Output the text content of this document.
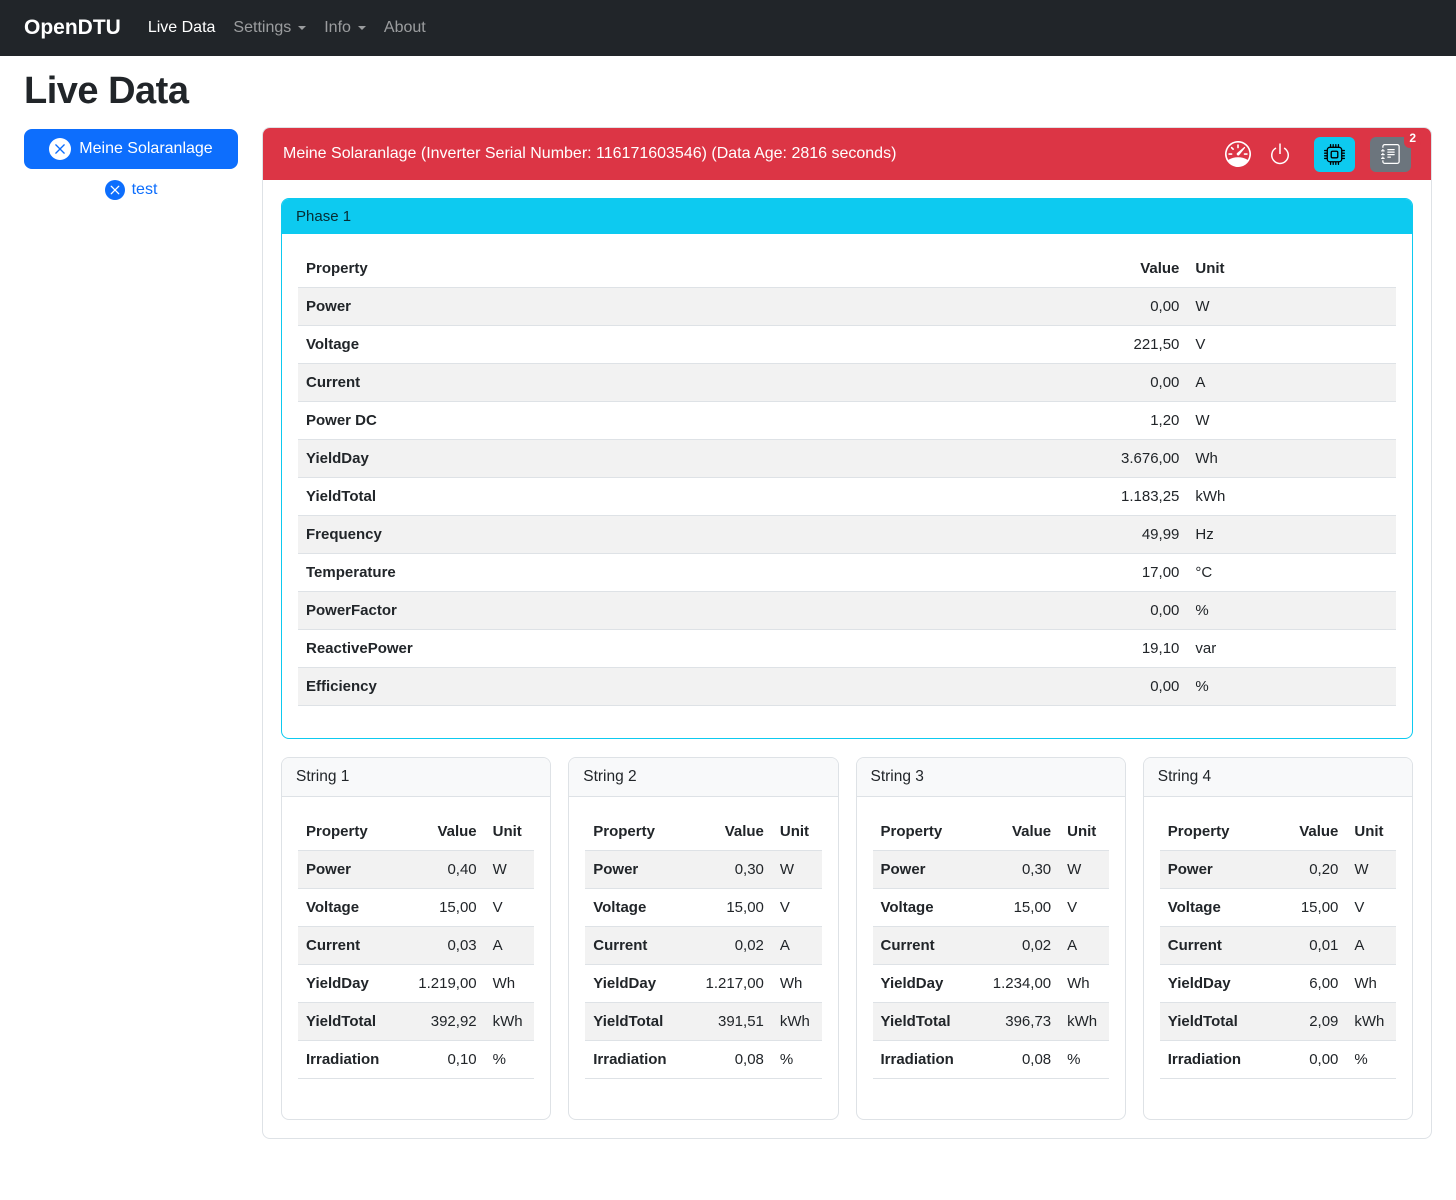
OpenDTU Live Data Settings Info About
Live Data
Meine Solaranlage
test
Meine Solaranlage (Inverter Serial Number: 116171603546) (Data Age: 2816 seconds)
2
Phase 1
Property	Value	Unit
Power	0,00	W
Voltage	221,50	V
Current	0,00	A
Power DC	1,20	W
YieldDay	3.676,00	Wh
YieldTotal	1.183,25	kWh
Frequency	49,99	Hz
Temperature	17,00	°C
PowerFactor	0,00	%
ReactivePower	19,10	var
Efficiency	0,00	%
String 1
Property	Value	Unit
Power	0,40	W
Voltage	15,00	V
Current	0,03	A
YieldDay	1.219,00	Wh
YieldTotal	392,92	kWh
Irradiation	0,10	%
String 2
Property	Value	Unit
Power	0,30	W
Voltage	15,00	V
Current	0,02	A
YieldDay	1.217,00	Wh
YieldTotal	391,51	kWh
Irradiation	0,08	%
String 3
Property	Value	Unit
Power	0,30	W
Voltage	15,00	V
Current	0,02	A
YieldDay	1.234,00	Wh
YieldTotal	396,73	kWh
Irradiation	0,08	%
String 4
Property	Value	Unit
Power	0,20	W
Voltage	15,00	V
Current	0,01	A
YieldDay	6,00	Wh
YieldTotal	2,09	kWh
Irradiation	0,00	%
